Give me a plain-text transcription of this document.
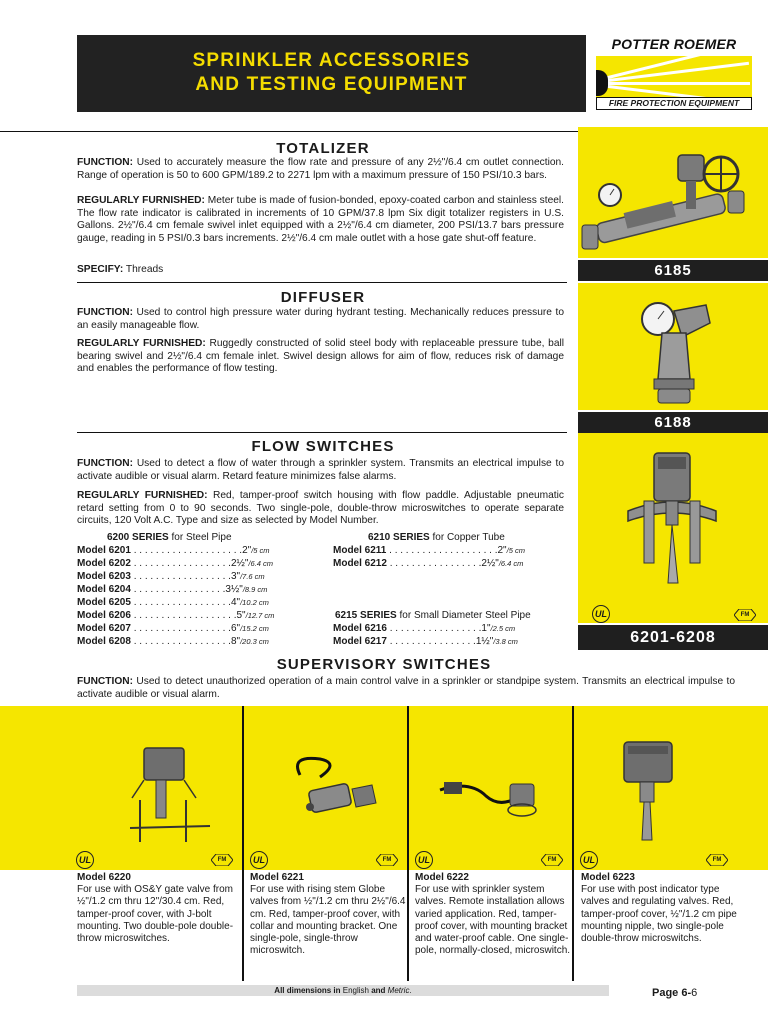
SPRINKLER ACCESSORIES
AND TESTING EQUIPMENT
POTTER ROEMER
FIRE PROTECTION EQUIPMENT
6185
6188
UL	FM
6201-6208
TOTALIZER
FUNCTION: Used to accurately measure the flow rate and pressure of any 2½"/6.4 cm outlet connection. Range of operation is 50 to 600 GPM/189.2 to 2271 lpm with a maximum pressure of 150 PSI/10.3 bars.
REGULARLY FURNISHED: Meter tube is made of fusion-bonded, epoxy-coated carbon and stainless steel. The flow rate indicator is calibrated in increments of 10 GPM/37.8 lpm Six digit totalizer registers in U.S. Gallons. 2½"/6.4 cm female swivel inlet equipped with a 2½"/6.4 cm diameter, 200 PSI/13.7 bars pressure gauge, reading in 5 PSI/0.3 bars increments. 2½"/6.4 cm male outlet with a hose gate shut-off feature.
SPECIFY: Threads
DIFFUSER
FUNCTION: Used to control high pressure water during hydrant testing. Mechanically reduces pressure to an easily manageable flow.
REGULARLY FURNISHED: Ruggedly constructed of solid steel body with replaceable pressure tube, ball bearing swivel and 2½"/6.4 cm female inlet. Swivel design allows for aim of flow, reduces risk of damage and enables the performance of flow testing.
FLOW SWITCHES
FUNCTION: Used to detect a flow of water through a sprinkler system. Transmits an electrical impulse to activate audible or visual alarm. Retard feature minimizes false alarms.
REGULARLY FURNISHED: Red, tamper-proof switch housing with flow paddle. Adjustable pneumatic retard setting from 0 to 90 seconds. Two single-pole, double-throw microswitches to operate separate circuits, 120 Volt A.C. Type and size as selected by Model Number.
6200 SERIES for Steel Pipe	6210 SERIES for Copper Tube
6215 SERIES for Small Diameter Steel Pipe
Model 6201 . . . . . . . . . . . . . . . . . . . .2"/5 cm
Model 6202 . . . . . . . . . . . . . . . . . .2½"/6.4 cm
Model 6203 . . . . . . . . . . . . . . . . . .3"/7.6 cm
Model 6204 . . . . . . . . . . . . . . . . .3½"/8.9 cm
Model 6205 . . . . . . . . . . . . . . . . . .4"/10.2 cm
Model 6206 . . . . . . . . . . . . . . . . . . .5"/12.7 cm
Model 6207 . . . . . . . . . . . . . . . . . .6"/15.2 cm
Model 6208 . . . . . . . . . . . . . . . . . .8"/20.3 cm
Model 6211 . . . . . . . . . . . . . . . . . . . .2"/5 cm
Model 6212 . . . . . . . . . . . . . . . . .2½"/6.4 cm
Model 6216 . . . . . . . . . . . . . . . . .1"/2.5 cm
Model 6217 . . . . . . . . . . . . . . . .1½"/3.8 cm
SUPERVISORY SWITCHES
FUNCTION: Used to detect unauthorized operation of a main control valve in a sprinkler or standpipe system. Transmits an electrical impulse to activate audible or visual alarm.
UL	FM	UL	FM	UL	FM	UL	FM
Model 6220
For use with OS&Y gate valve from ½"/1.2 cm thru 12"/30.4 cm. Red, tamper-proof cover, with J-bolt mounting. Two double-pole double-throw microswitches.
Model 6221
For use with rising stem Globe valves from ½"/1.2 cm thru 2½"/6.4 cm. Red, tamper-proof cover, with collar and mounting bracket. One single-pole, single-throw microswitch.
Model 6222
For use with sprinkler system valves. Remote installation allows varied application. Red, tamper-proof cover, with mounting bracket and water-proof cable. One single-pole, normally-closed, microswitch.
Model 6223
For use with post indicator type valves and regulating valves. Red, tamper-proof cover, ½"/1.2 cm pipe mounting nipple, two single-pole double-throw microswitchs.
All dimensions in English and Metric.	Page 6-6
